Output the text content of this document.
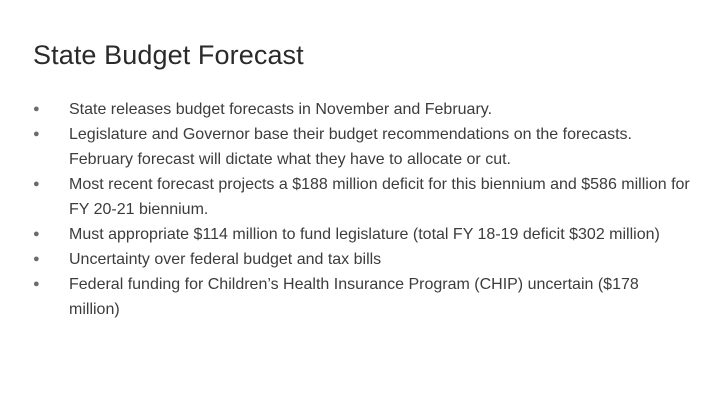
State Budget Forecast
●	State releases budget forecasts in November and February.
●	Legislature and Governor base their budget recommendations on the forecasts. February forecast will dictate what they have to allocate or cut.
●	Most recent forecast projects a $188 million deficit for this biennium and $586 million for FY 20-21 biennium.
●	Must appropriate $114 million to fund legislature (total FY 18-19 deficit $302 million)
●	Uncertainty over federal budget and tax bills
●	Federal funding for Children’s Health Insurance Program (CHIP) uncertain ($178 million)
